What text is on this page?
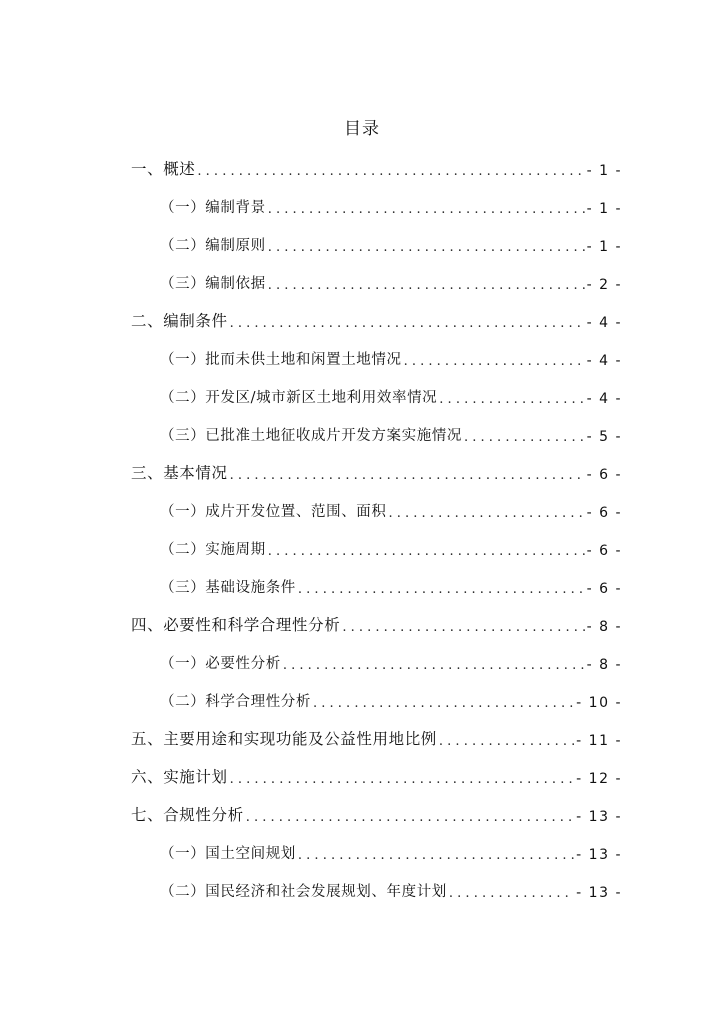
目录
一、概述 . . .	- 1 -
（一）编制背景 . . .	- 1 -
（二）编制原则 . . .	- 1 -
（三）编制依据 . . .	- 2 -
二、编制条件 . . .	- 4 -
（一）批而未供土地和闲置土地情况 . . .	- 4 -
（二）开发区/城市新区土地利用效率情况 . . .	- 4 -
（三）已批准土地征收成片开发方案实施情况 . . .	- 5 -
三、基本情况 . . .	- 6 -
（一）成片开发位置、范围、面积 . . .	- 6 -
（二）实施周期 . . .	- 6 -
（三）基础设施条件 . . .	- 6 -
四、必要性和科学合理性分析 . . .	- 8 -
（一）必要性分析 . . .	- 8 -
（二）科学合理性分析 . . .	- 10 -
五、主要用途和实现功能及公益性用地比例 . . .	- 11 -
六、实施计划 . . .	- 12 -
七、合规性分析 . . .	- 13 -
（一）国土空间规划 . . .	- 13 -
（二）国民经济和社会发展规划、年度计划 . . .	- 13 -
